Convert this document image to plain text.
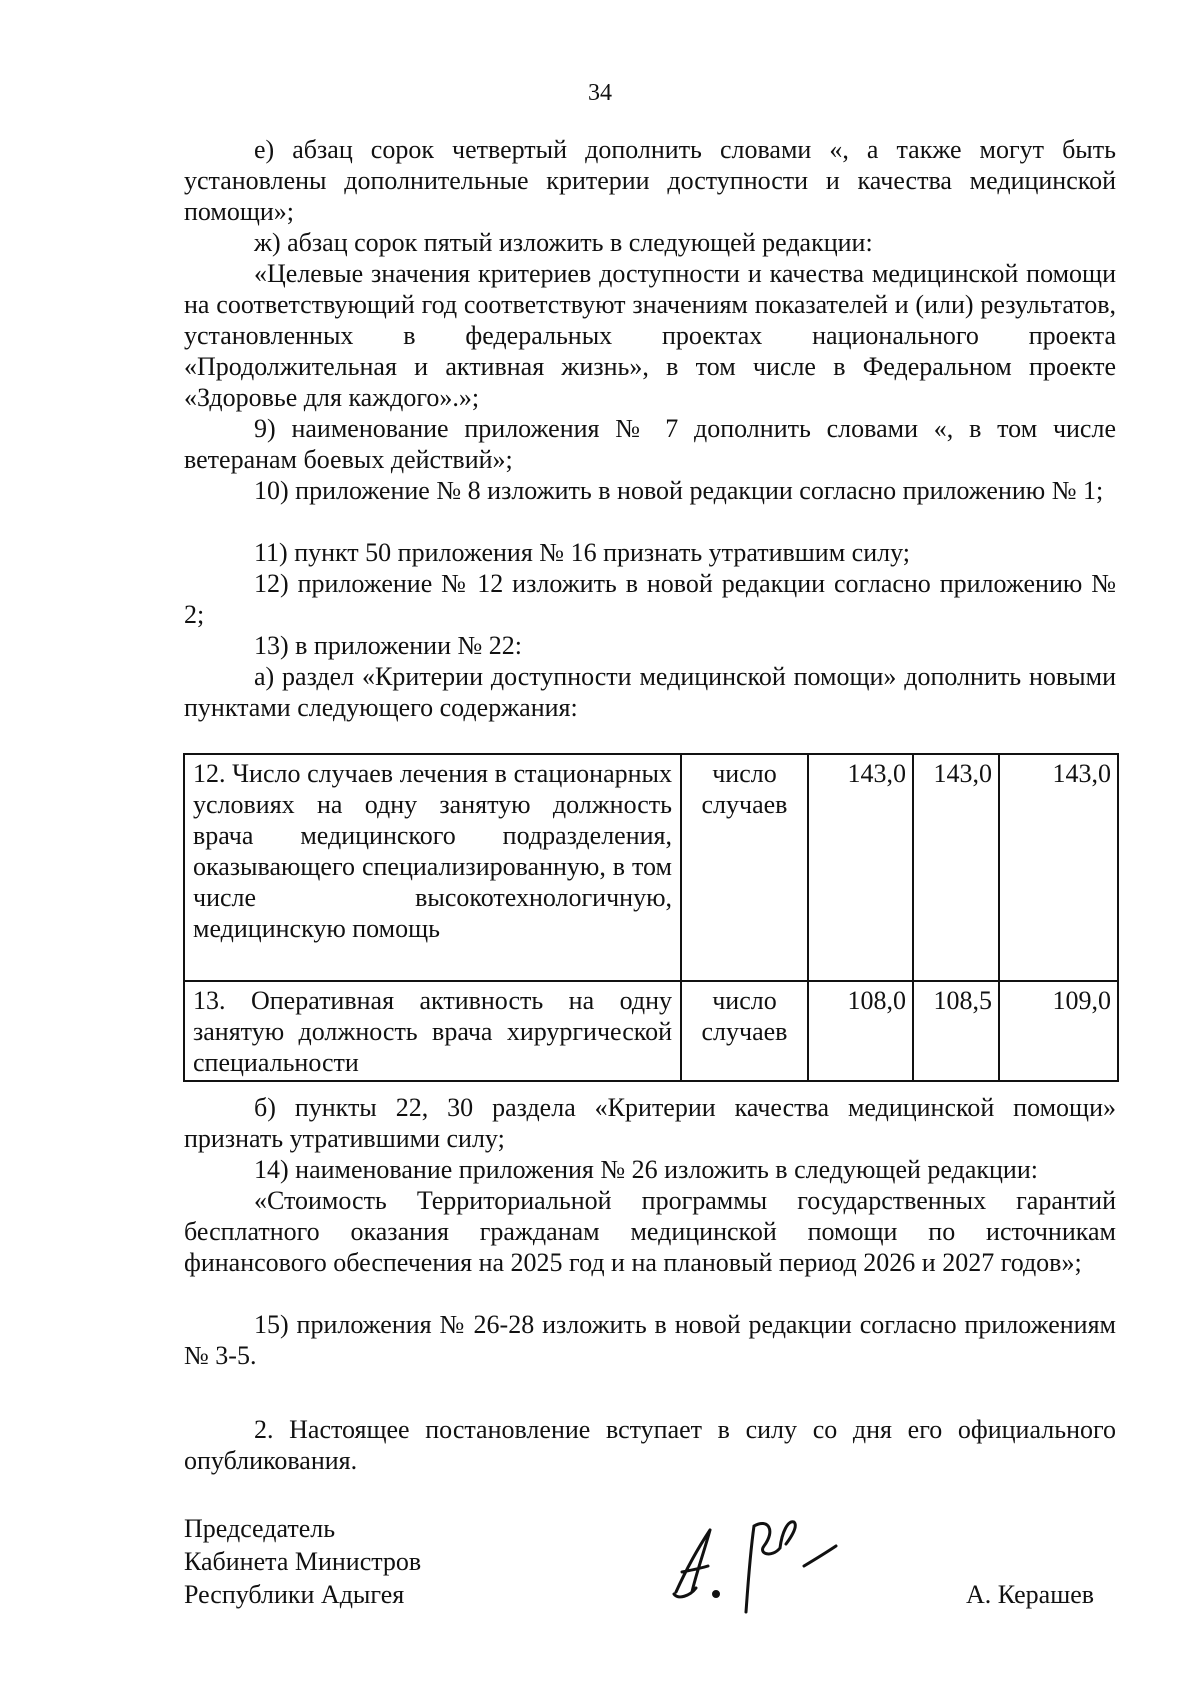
34

е) абзац сорок четвертый дополнить словами «, а также могут быть установлены дополнительные критерии доступности и качества медицинской помощи»;

ж) абзац сорок пятый изложить в следующей редакции:

«Целевые значения критериев доступности и качества медицинской помощи на соответствующий год соответствуют значениям показателей и (или) результатов, установленных в федеральных проектах национального проекта «Продолжительная и активная жизнь», в том числе в Федеральном проекте «Здоровье для каждого».»;

9) наименование приложения № 7 дополнить словами «, в том числе ветеранам боевых действий»;

10) приложение № 8 изложить в новой редакции согласно приложению № 1;

11) пункт 50 приложения № 16 признать утратившим силу;

12) приложение № 12 изложить в новой редакции согласно приложению № 2;

13) в приложении № 22:

а) раздел «Критерии доступности медицинской помощи» дополнить новыми пунктами следующего содержания:

12. Число случаев лечения в стационарных условиях на одну занятую должность врача медицинского подразделения, оказывающего специализированную, в том числе высокотехнологичную, медицинскую помощь	число случаев	143,0	143,0	143,0
13. Оперативная активность на одну занятую должность врача хирургической специальности	число случаев	108,0	108,5	109,0

б) пункты 22, 30 раздела «Критерии качества медицинской помощи» признать утратившими силу;

14) наименование приложения № 26 изложить в следующей редакции:

«Стоимость Территориальной программы государственных гарантий бесплатного оказания гражданам медицинской помощи по источникам финансового обеспечения на 2025 год и на плановый период 2026 и 2027 годов»;

15) приложения № 26-28 изложить в новой редакции согласно приложениям № 3-5.

2. Настоящее постановление вступает в силу со дня его официального опубликования.

Председатель
Кабинета Министров
Республики Адыгея	А. Керашев
